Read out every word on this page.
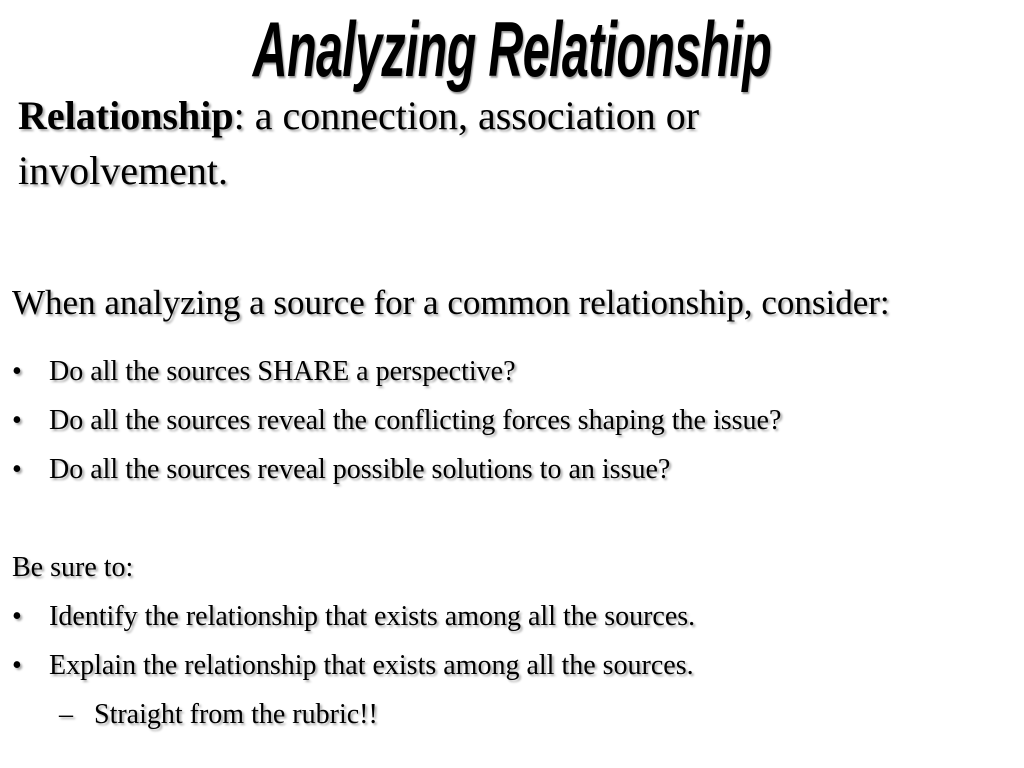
Analyzing Relationship
Relationship: a connection, association or involvement.
When analyzing a source for a common relationship, consider:
• Do all the sources SHARE a perspective?
• Do all the sources reveal the conflicting forces shaping the issue?
• Do all the sources reveal possible solutions to an issue?
Be sure to:
• Identify the relationship that exists among all the sources.
• Explain the relationship that exists among all the sources.
– Straight from the rubric!!
